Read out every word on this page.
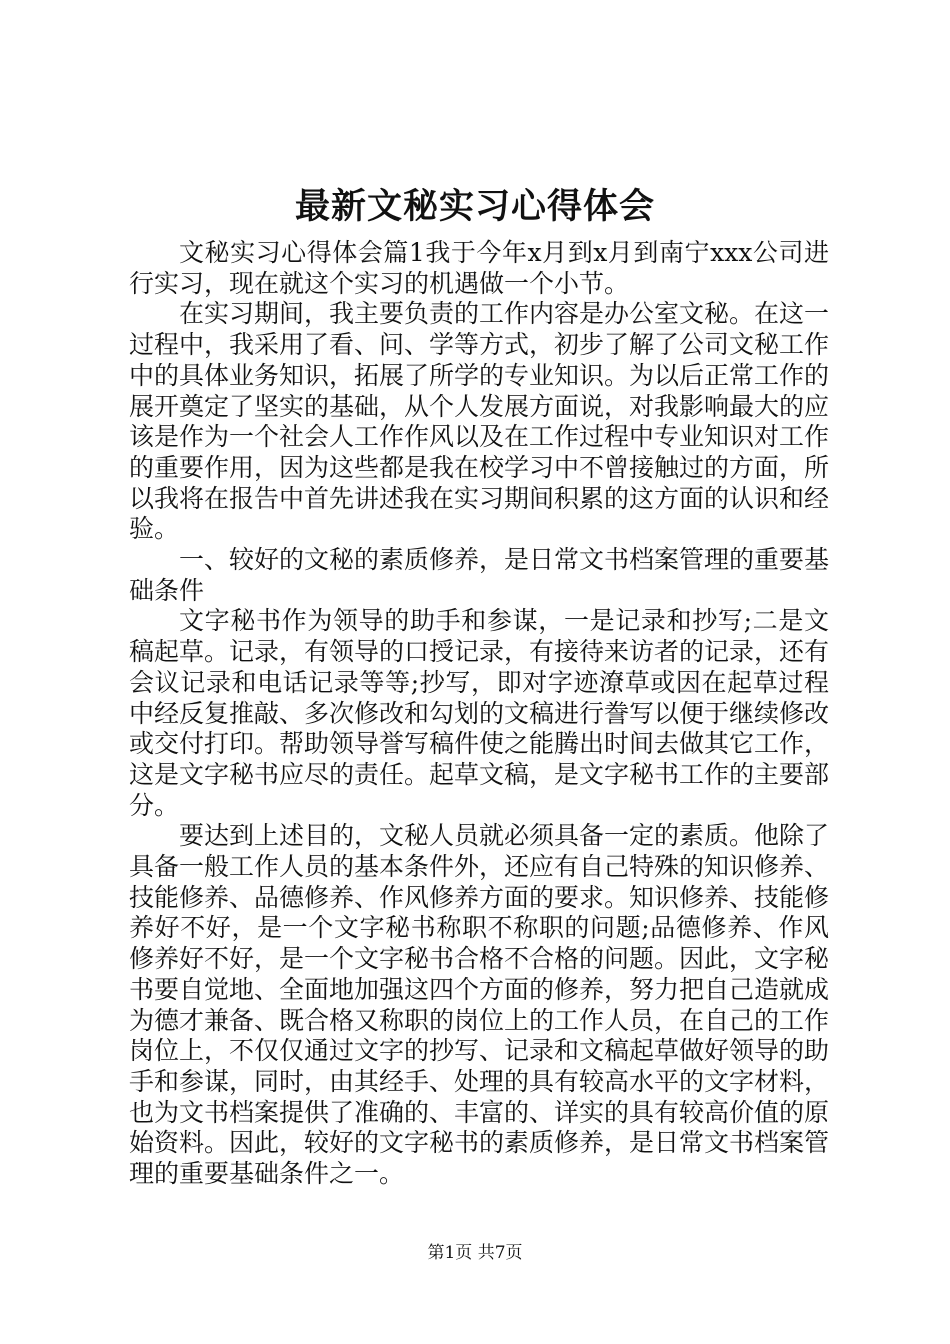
最新文秘实习心得体会

文秘实习心得体会篇1我于今年x月到x月到南宁xxx公司进行实习，现在就这个实习的机遇做一个小节。

在实习期间，我主要负责的工作内容是办公室文秘。在这一过程中，我采用了看、问、学等方式，初步了解了公司文秘工作中的具体业务知识，拓展了所学的专业知识。为以后正常工作的展开奠定了坚实的基础，从个人发展方面说，对我影响最大的应该是作为一个社会人工作作风以及在工作过程中专业知识对工作的重要作用，因为这些都是我在校学习中不曾接触过的方面，所以我将在报告中首先讲述我在实习期间积累的这方面的认识和经验。

一、较好的文秘的素质修养，是日常文书档案管理的重要基础条件

文字秘书作为领导的助手和参谋，一是记录和抄写;二是文稿起草。记录，有领导的口授记录，有接待来访者的记录，还有会议记录和电话记录等等;抄写，即对字迹潦草或因在起草过程中经反复推敲、多次修改和勾划的文稿进行誊写以便于继续修改或交付打印。帮助领导誉写稿件使之能腾出时间去做其它工作，这是文字秘书应尽的责任。起草文稿，是文字秘书工作的主要部分。

要达到上述目的，文秘人员就必须具备一定的素质。他除了具备一般工作人员的基本条件外，还应有自己特殊的知识修养、技能修养、品德修养、作风修养方面的要求。知识修养、技能修养好不好，是一个文字秘书称职不称职的问题;品德修养、作风修养好不好，是一个文字秘书合格不合格的问题。因此，文字秘书要自觉地、全面地加强这四个方面的修养，努力把自己造就成为德才兼备、既合格又称职的岗位上的工作人员，在自己的工作岗位上，不仅仅通过文字的抄写、记录和文稿起草做好领导的助手和参谋，同时，由其经手、处理的具有较高水平的文字材料，也为文书档案提供了准确的、丰富的、详实的具有较高价值的原始资料。因此，较好的文字秘书的素质修养，是日常文书档案管理的重要基础条件之一。

第1页 共7页
